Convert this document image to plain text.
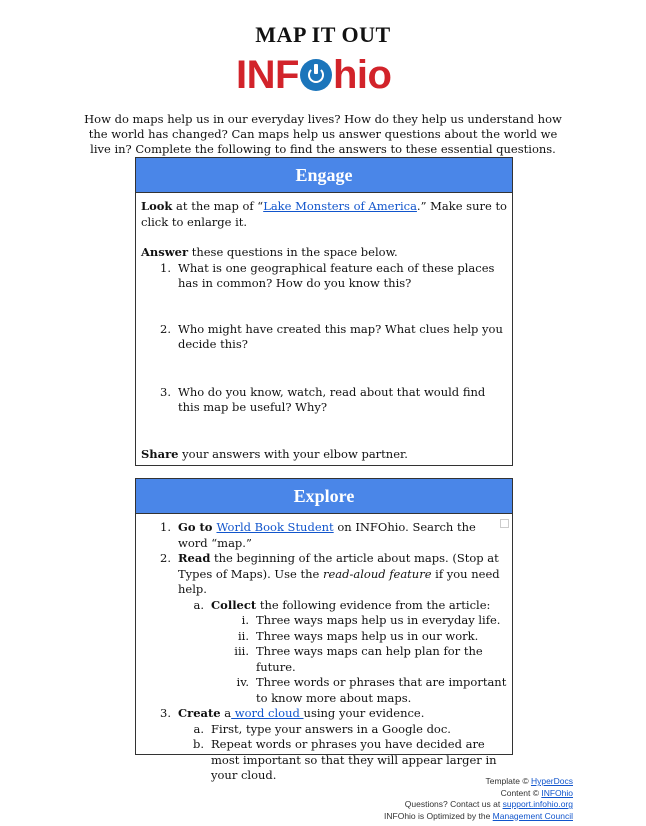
MAP IT OUT
INF hio
How do maps help us in our everyday lives? How do they help us understand how the world has changed? Can maps help us answer questions about the world we live in? Complete the following to find the answers to these essential questions.
Engage
Look at the map of “Lake Monsters of America.” Make sure to click to enlarge it.
Answer these questions in the space below.
1. What is one geographical feature each of these places has in common? How do you know this?
2. Who might have created this map? What clues help you decide this?
3. Who do you know, watch, read about that would find this map be useful? Why?
Share your answers with your elbow partner.
Explore
1. Go to World Book Student on INFOhio. Search the word “map.”
2. Read the beginning of the article about maps. (Stop at Types of Maps). Use the read-aloud feature if you need help.
a. Collect the following evidence from the article:
i. Three ways maps help us in everyday life.
ii. Three ways maps help us in our work.
iii. Three ways maps can help plan for the future.
iv. Three words or phrases that are important to know more about maps.
3. Create a word cloud using your evidence.
a. First, type your answers in a Google doc.
b. Repeat words or phrases you have decided are most important so that they will appear larger in your cloud.	Template © HyperDocs
Content © INFOhio
Questions? Contact us at support.infohio.org
INFOhio is Optimized by the Management Council
